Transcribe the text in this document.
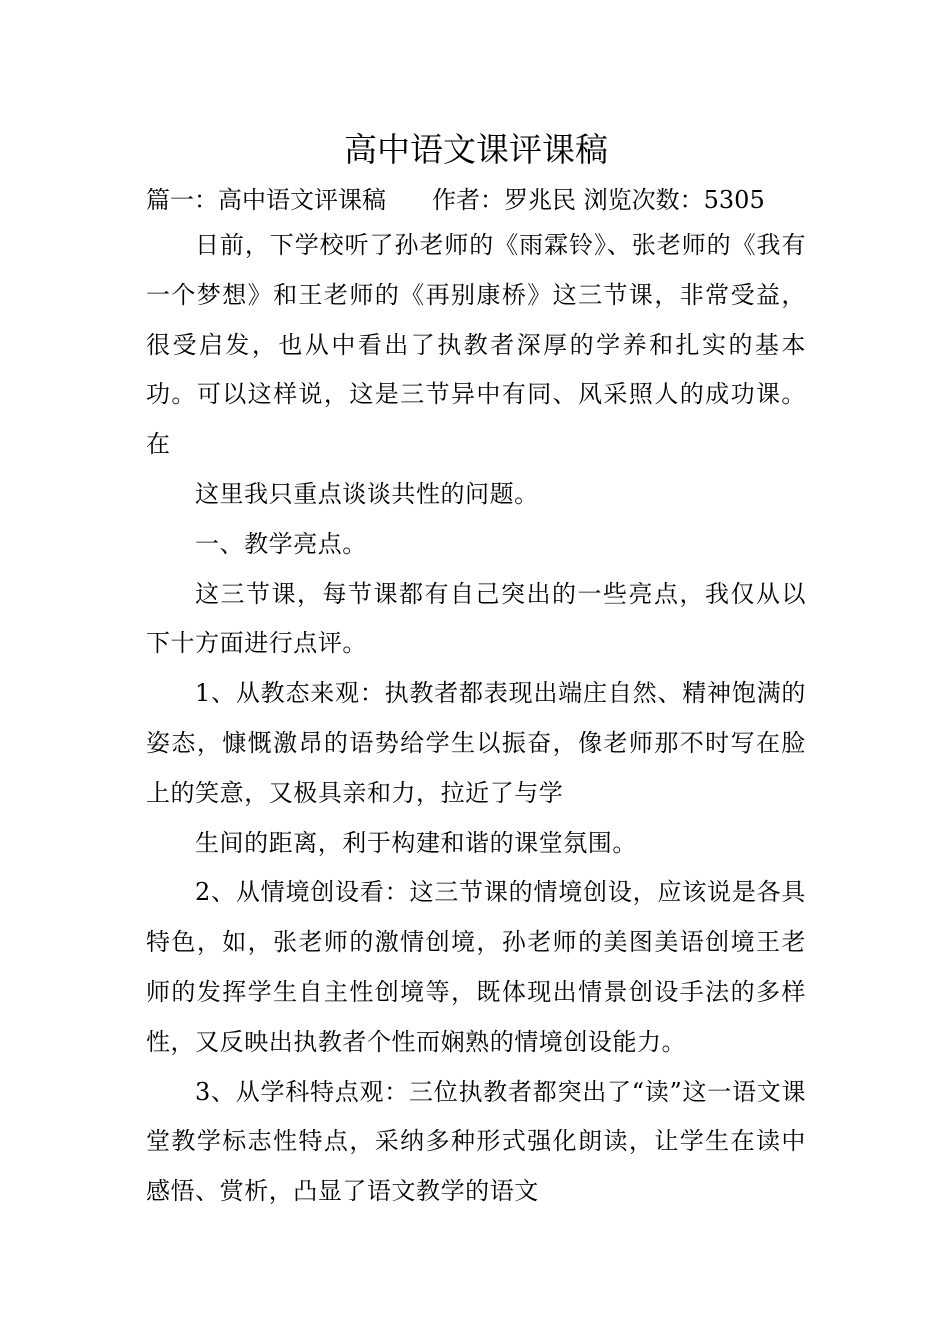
高中语文课评课稿

篇一：高中语文评课稿 作者：罗兆民 浏览次数：5305

日前，下学校听了孙老师的《雨霖铃》、张老师的《我有一个梦想》和王老师的《再别康桥》这三节课，非常受益，很受启发，也从中看出了执教者深厚的学养和扎实的基本功。可以这样说，这是三节异中有同、风采照人的成功课。在

这里我只重点谈谈共性的问题。

一、教学亮点。

这三节课，每节课都有自己突出的一些亮点，我仅从以下十方面进行点评。

1、从教态来观：执教者都表现出端庄自然、精神饱满的姿态，慷慨激昂的语势给学生以振奋，像老师那不时写在脸上的笑意，又极具亲和力，拉近了与学

生间的距离，利于构建和谐的课堂氛围。

2、从情境创设看：这三节课的情境创设，应该说是各具特色，如，张老师的激情创境，孙老师的美图美语创境王老师的发挥学生自主性创境等，既体现出情景创设手法的多样性，又反映出执教者个性而娴熟的情境创设能力。

3、从学科特点观：三位执教者都突出了“读”这一语文课堂教学标志性特点，采纳多种形式强化朗读，让学生在读中感悟、赏析，凸显了语文教学的语文
